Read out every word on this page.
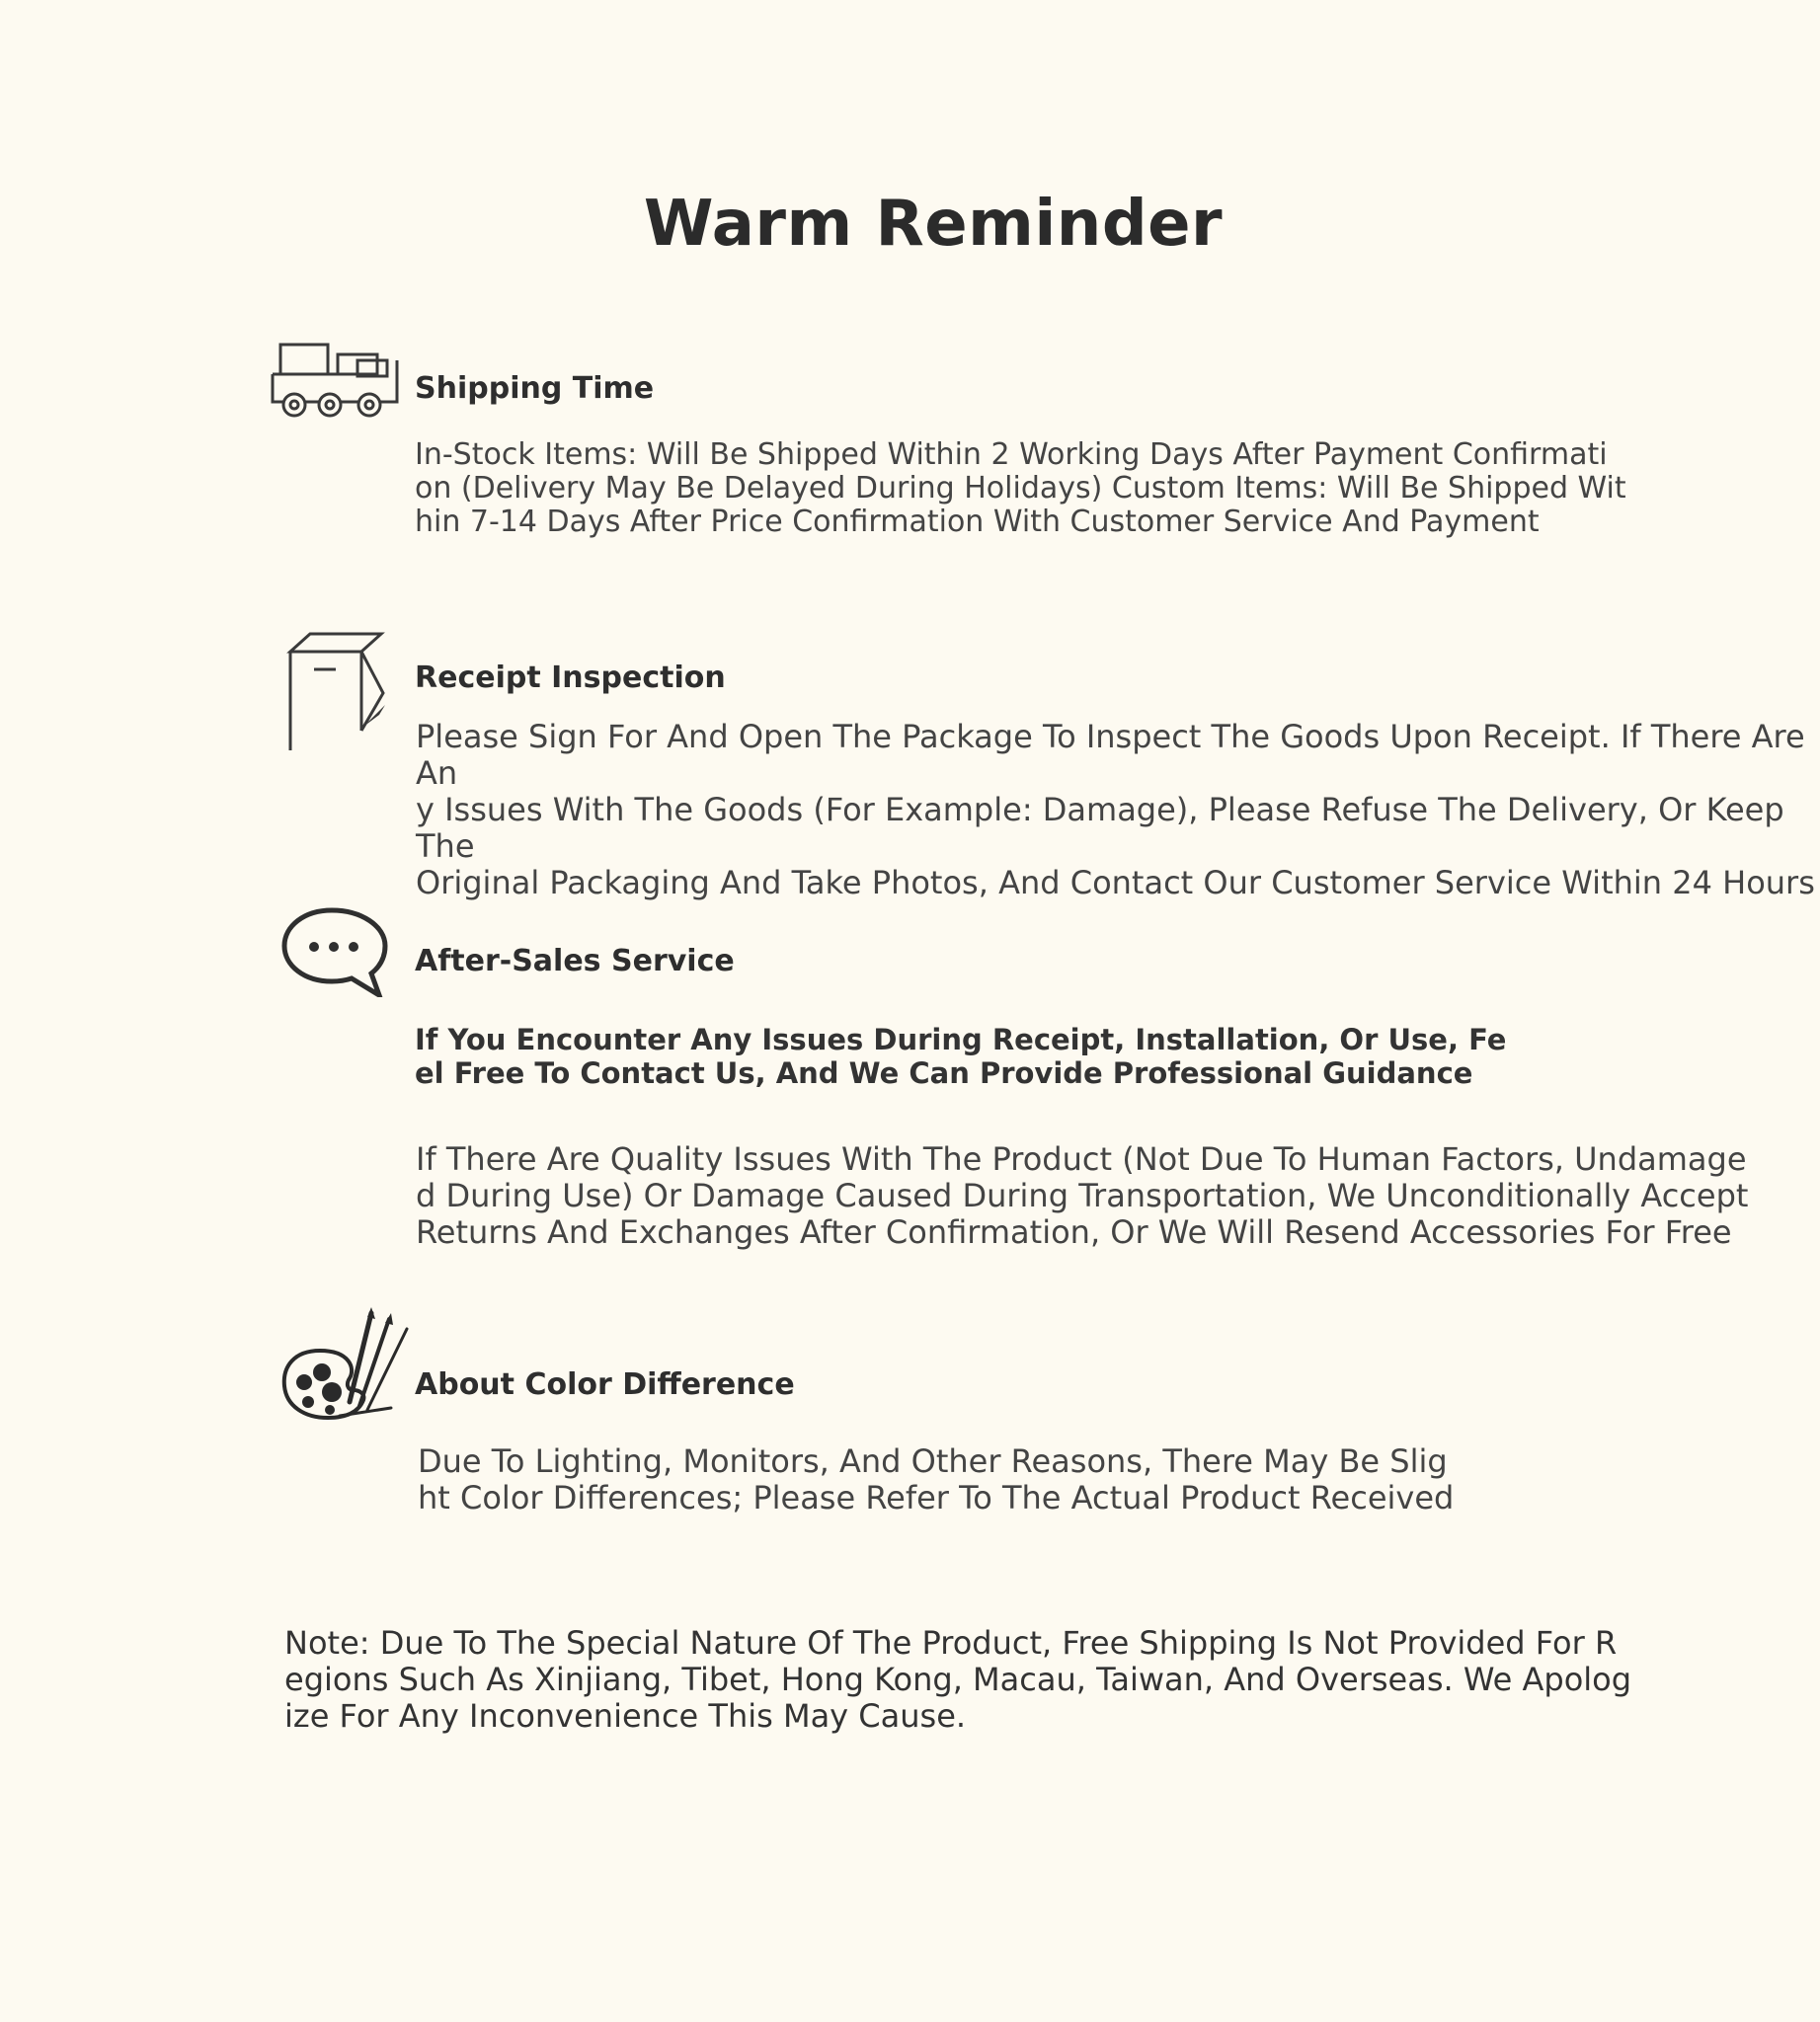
Warm Reminder
Shipping Time
In-Stock Items: Will Be Shipped Within 2 Working Days After Payment Confirmati
on (Delivery May Be Delayed During Holidays) Custom Items: Will Be Shipped Wit
hin 7-14 Days After Price Confirmation With Customer Service And Payment
Receipt Inspection
Please Sign For And Open The Package To Inspect The Goods Upon Receipt. If There Are An
y Issues With The Goods (For Example: Damage), Please Refuse The Delivery, Or Keep The
Original Packaging And Take Photos, And Contact Our Customer Service Within 24 Hours
After-Sales Service
If You Encounter Any Issues During Receipt, Installation, Or Use, Fe
el Free To Contact Us, And We Can Provide Professional Guidance
If There Are Quality Issues With The Product (Not Due To Human Factors, Undamage
d During Use) Or Damage Caused During Transportation, We Unconditionally Accept
Returns And Exchanges After Confirmation, Or We Will Resend Accessories For Free
About Color Difference
Due To Lighting, Monitors, And Other Reasons, There May Be Slig
ht Color Differences; Please Refer To The Actual Product Received
Note: Due To The Special Nature Of The Product, Free Shipping Is Not Provided For R
egions Such As Xinjiang, Tibet, Hong Kong, Macau, Taiwan, And Overseas. We Apolog
ize For Any Inconvenience This May Cause.
